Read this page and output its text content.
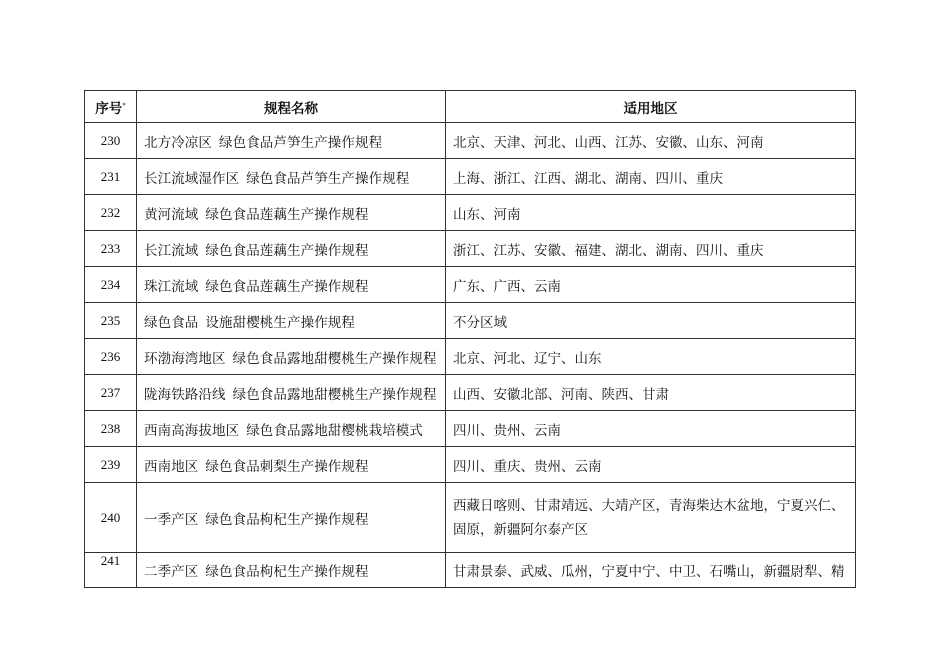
序号*	规程名称	适用地区
230	北方冷凉区 绿色食品芦笋生产操作规程	北京、天津、河北、山西、江苏、安徽、山东、河南
231	长江流域湿作区 绿色食品芦笋生产操作规程	上海、浙江、江西、湖北、湖南、四川、重庆
232	黄河流域 绿色食品莲藕生产操作规程	山东、河南
233	长江流域 绿色食品莲藕生产操作规程	浙江、江苏、安徽、福建、湖北、湖南、四川、重庆
234	珠江流域 绿色食品莲藕生产操作规程	广东、广西、云南
235	绿色食品 设施甜樱桃生产操作规程	不分区域
236	环渤海湾地区 绿色食品露地甜樱桃生产操作规程	北京、河北、辽宁、山东
237	陇海铁路沿线 绿色食品露地甜樱桃生产操作规程	山西、安徽北部、河南、陕西、甘肃
238	西南高海拔地区 绿色食品露地甜樱桃栽培模式	四川、贵州、云南
239	西南地区 绿色食品刺梨生产操作规程	四川、重庆、贵州、云南
240	一季产区 绿色食品枸杞生产操作规程	西藏日喀则、甘肃靖远、大靖产区，青海柴达木盆地，宁夏兴仁、固原，新疆阿尔泰产区
241	二季产区 绿色食品枸杞生产操作规程	甘肃景泰、武威、瓜州，宁夏中宁、中卫、石嘴山，新疆尉犁、精
